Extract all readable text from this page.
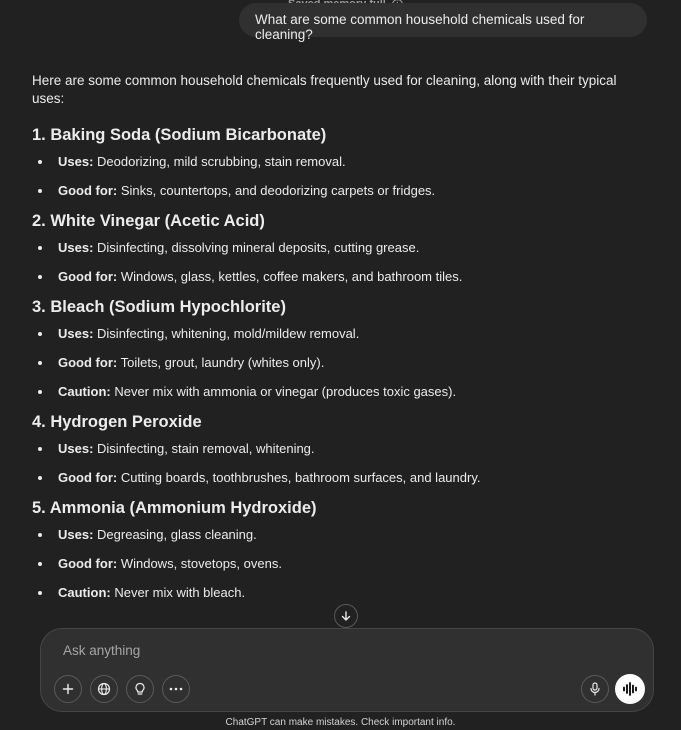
What are some common household chemicals used for cleaning?

Here are some common household chemicals frequently used for cleaning, along with their typical uses:

1. Baking Soda (Sodium Bicarbonate)
Uses: Deodorizing, mild scrubbing, stain removal.
Good for: Sinks, countertops, and deodorizing carpets or fridges.
2. White Vinegar (Acetic Acid)
Uses: Disinfecting, dissolving mineral deposits, cutting grease.
Good for: Windows, glass, kettles, coffee makers, and bathroom tiles.
3. Bleach (Sodium Hypochlorite)
Uses: Disinfecting, whitening, mold/mildew removal.
Good for: Toilets, grout, laundry (whites only).
Caution: Never mix with ammonia or vinegar (produces toxic gases).
4. Hydrogen Peroxide
Uses: Disinfecting, stain removal, whitening.
Good for: Cutting boards, toothbrushes, bathroom surfaces, and laundry.
5. Ammonia (Ammonium Hydroxide)
Uses: Degreasing, glass cleaning.
Good for: Windows, stovetops, ovens.
Caution: Never mix with bleach.
Ask anything
ChatGPT can make mistakes. Check important info.
